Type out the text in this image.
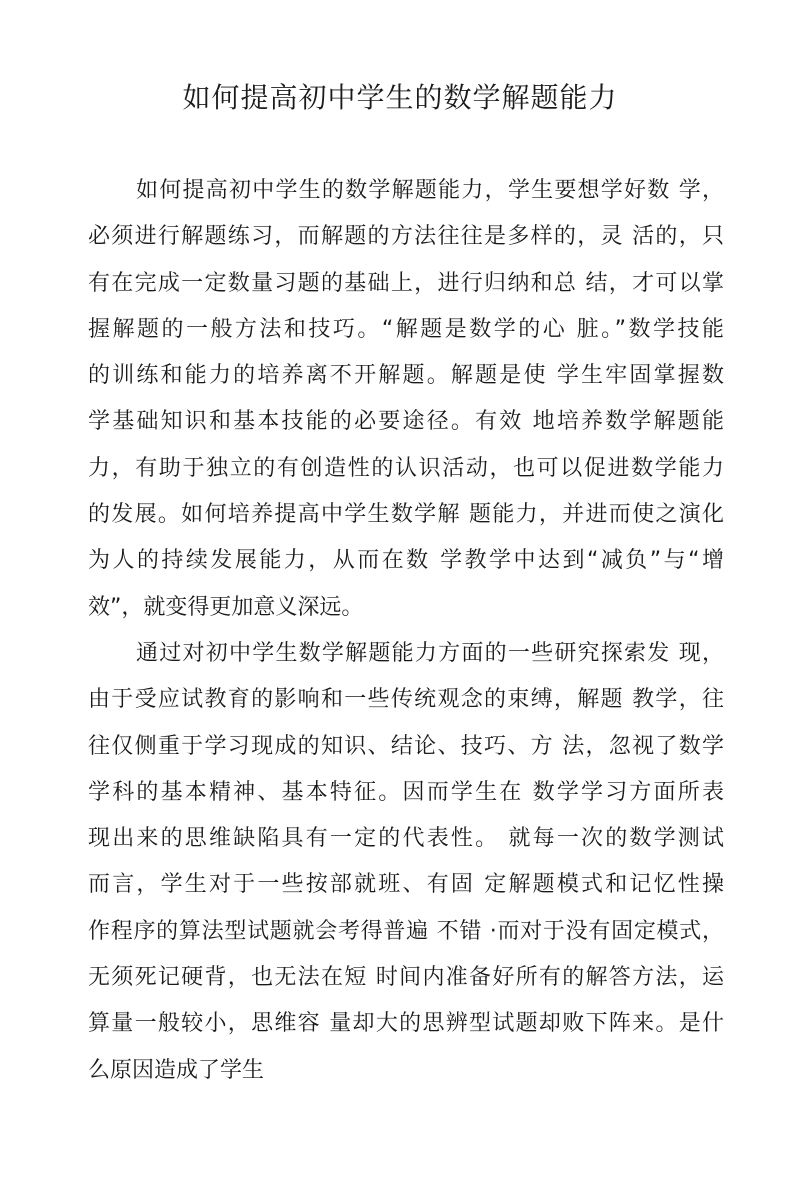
如何提高初中学生的数学解题能力
如何提高初中学生的数学解题能力，学生要想学好数 学，
必须进行解题练习，而解题的方法往往是多样的，灵 活的，只
有在完成一定数量习题的基础上，进行归纳和总 结，才可以掌
握解题的一般方法和技巧。“解题是数学的心 脏。”数学技能
的训练和能力的培养离不开解题。解题是使 学生牢固掌握数
学基础知识和基本技能的必要途径。有效 地培养数学解题能
力，有助于独立的有创造性的认识活动，也可以促进数学能力
的发展。如何培养提高中学生数学解 题能力，并进而使之演化
为人的持续发展能力，从而在数 学教学中达到“减负”与“增
效”，就变得更加意义深远。
通过对初中学生数学解题能力方面的一些研究探索发 现，
由于受应试教育的影响和一些传统观念的束缚，解题 教学，往
往仅侧重于学习现成的知识、结论、技巧、方 法，忽视了数学
学科的基本精神、基本特征。因而学生在 数学学习方面所表
现出来的思维缺陷具有一定的代表性。 就每一次的数学测试
而言，学生对于一些按部就班、有固 定解题模式和记忆性操
作程序的算法型试题就会考得普遍 不错 ·而对于没有固定模式，
无须死记硬背，也无法在短 时间内准备好所有的解答方法，运
算量一般较小，思维容 量却大的思辨型试题却败下阵来。是什
么原因造成了学生
